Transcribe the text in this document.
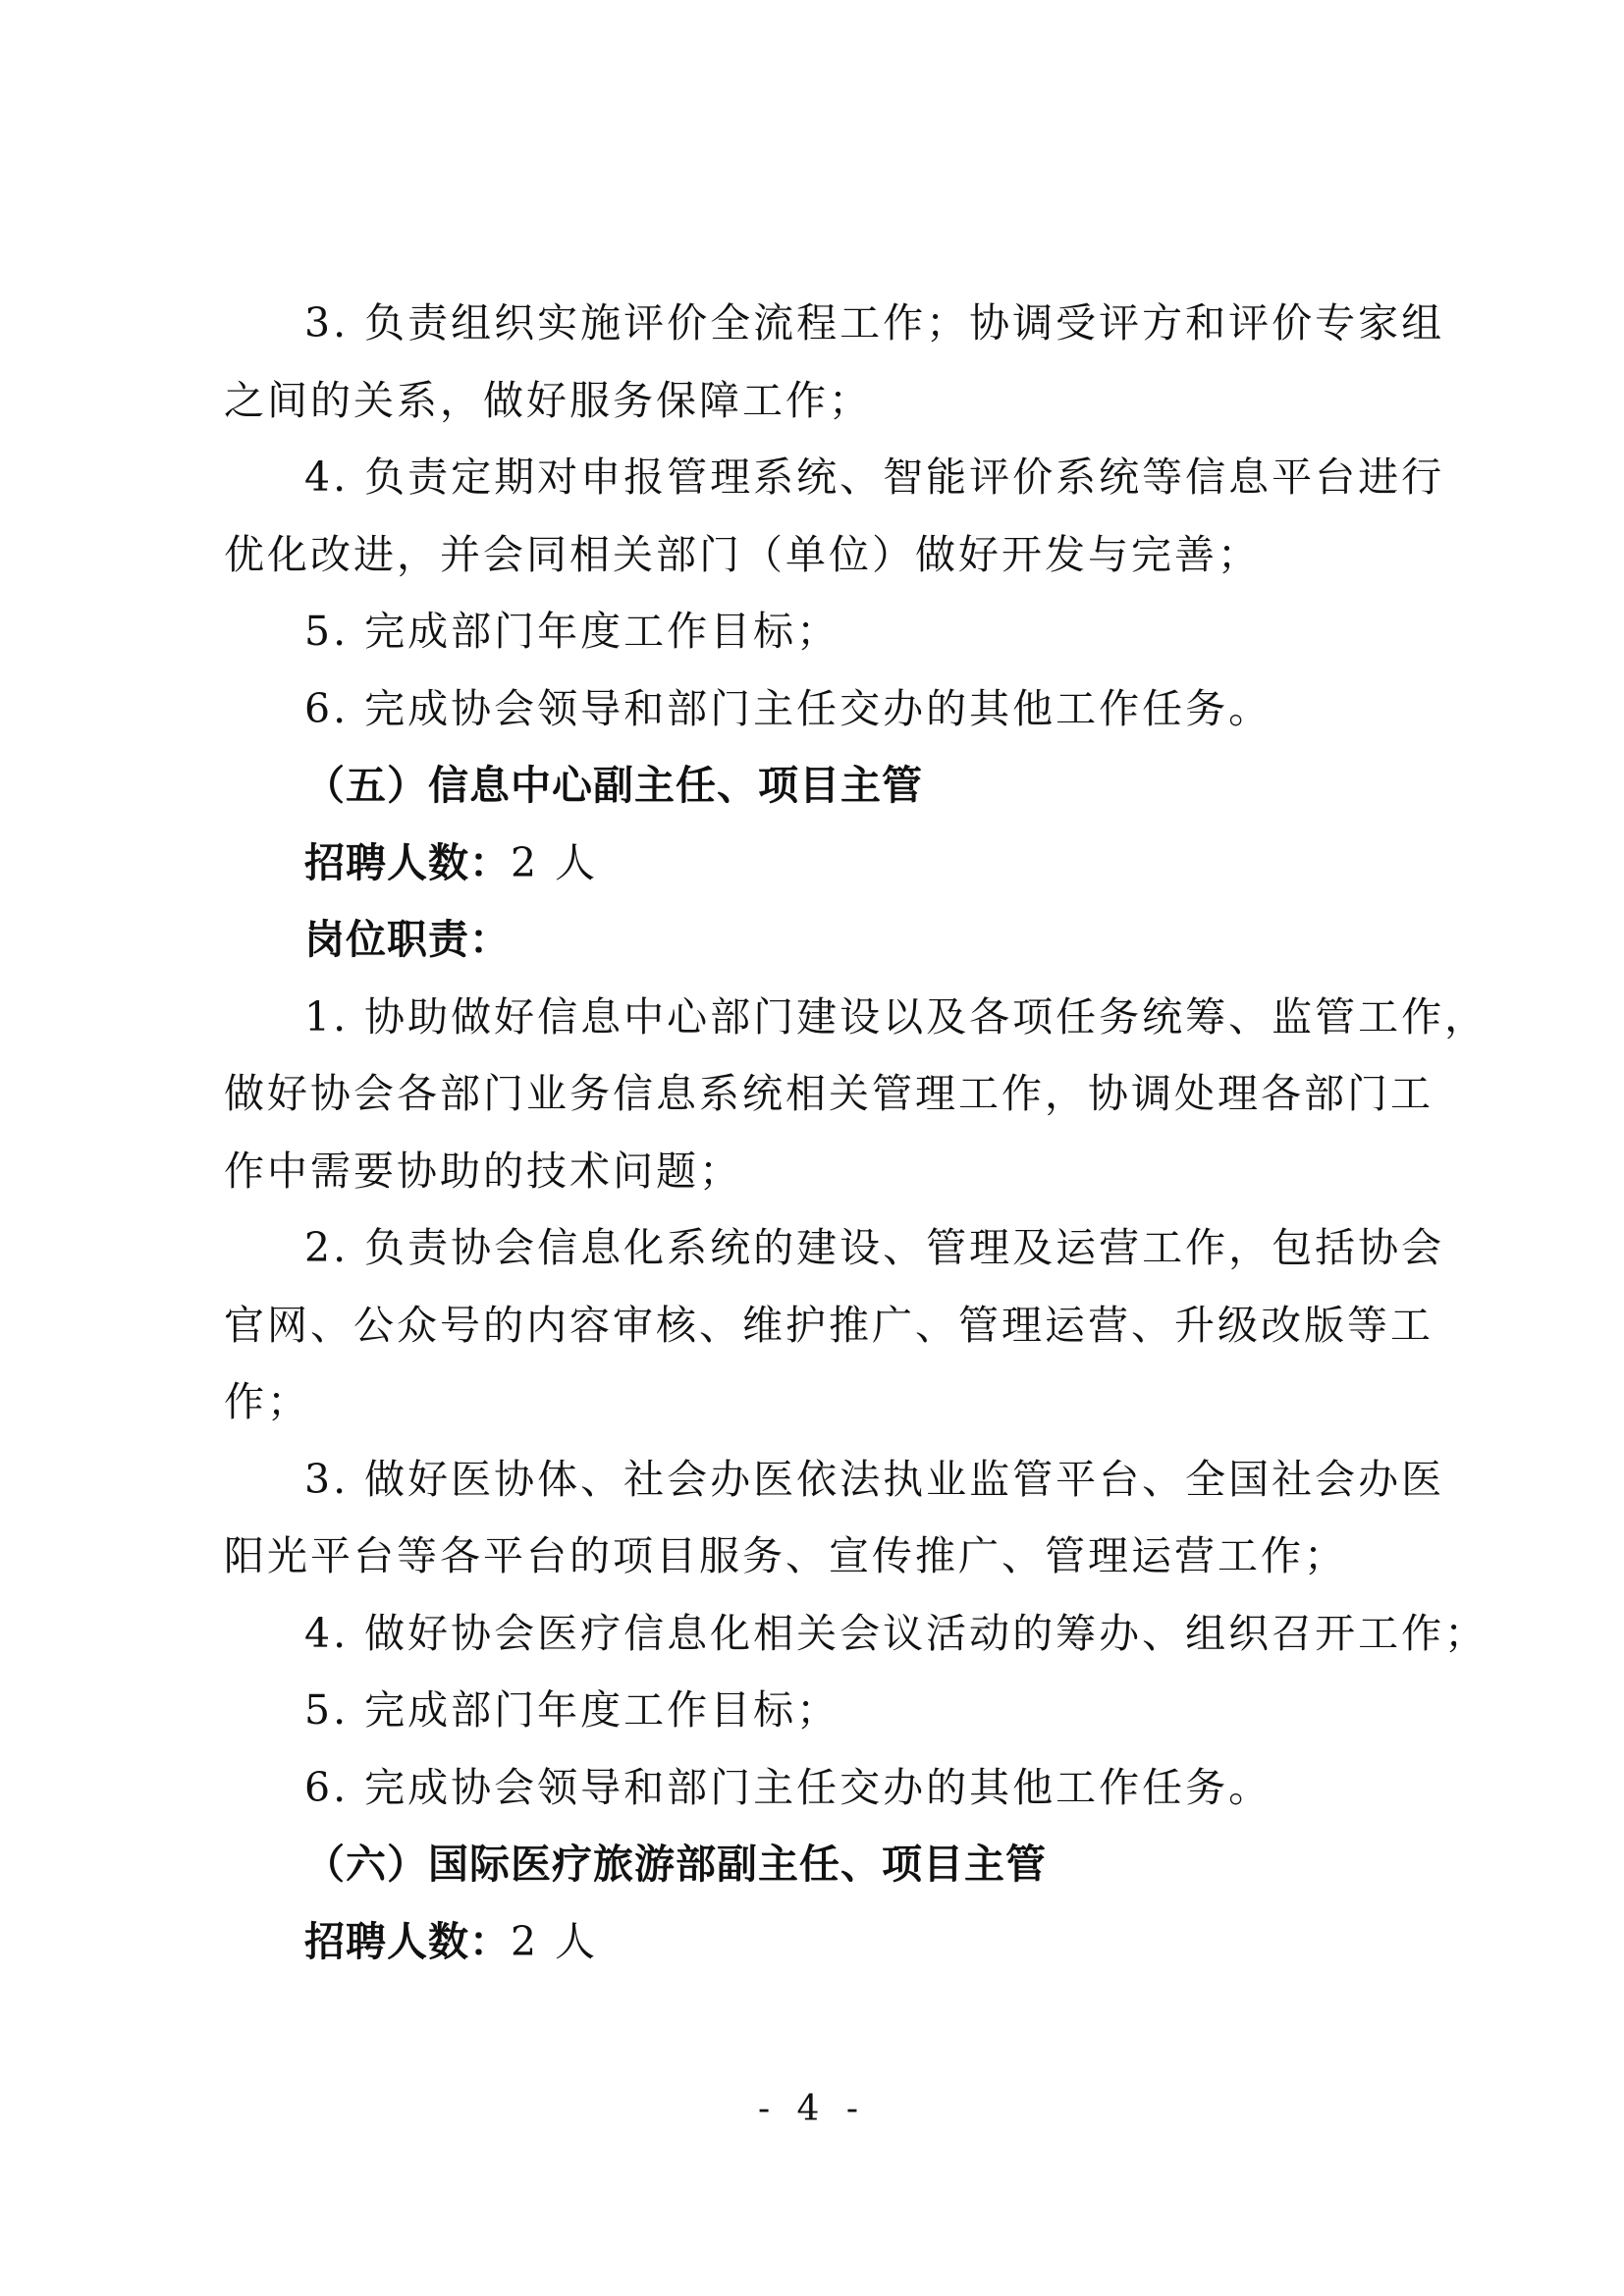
3. 负责组织实施评价全流程工作；协调受评方和评价专家组
之间的关系，做好服务保障工作；
4. 负责定期对申报管理系统、智能评价系统等信息平台进行
优化改进，并会同相关部门（单位）做好开发与完善；
5. 完成部门年度工作目标；
6. 完成协会领导和部门主任交办的其他工作任务。
（五）信息中心副主任、项目主管
招聘人数：2 人
岗位职责：
1. 协助做好信息中心部门建设以及各项任务统筹、监管工作，
做好协会各部门业务信息系统相关管理工作，协调处理各部门工
作中需要协助的技术问题；
2. 负责协会信息化系统的建设、管理及运营工作，包括协会
官网、公众号的内容审核、维护推广、管理运营、升级改版等工
作；
3. 做好医协体、社会办医依法执业监管平台、全国社会办医
阳光平台等各平台的项目服务、宣传推广、管理运营工作；
4. 做好协会医疗信息化相关会议活动的筹办、组织召开工作；
5. 完成部门年度工作目标；
6. 完成协会领导和部门主任交办的其他工作任务。
（六）国际医疗旅游部副主任、项目主管
招聘人数：2 人
- 4 -
